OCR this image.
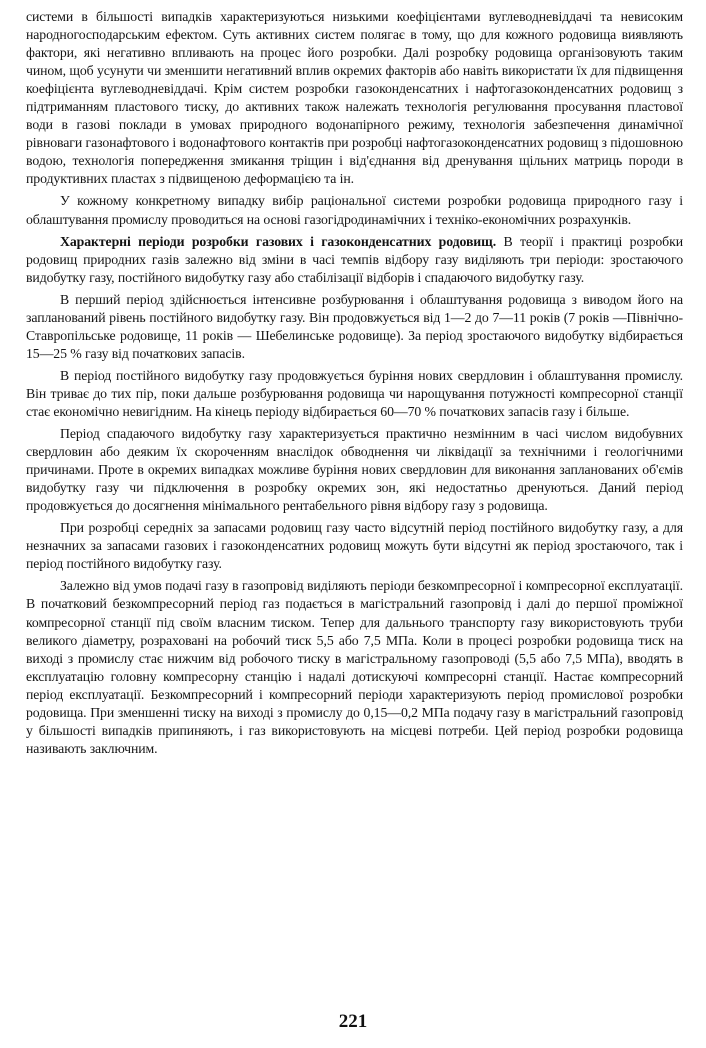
системи в більшості випадків характеризуються низькими коефіцієнтами вуглеводневіддачі та невисоким народногосподарським ефектом. Суть активних систем полягає в тому, що для кожного родовища виявляють фактори, які негативно впливають на процес його розробки. Далі розробку родовища організовують таким чином, щоб усунути чи зменшити негативний вплив окремих факторів або навіть використати їх для підвищення коефіцієнта вуглеводневіддачі. Крім систем розробки газоконденсатних і нафтогазоконденсатних родовищ з підтриманням пластового тиску, до активних також належать технологія регулювання просування пластової води в газові поклади в умовах природного водонапірного режиму, технологія забезпечення динамічної рівноваги газонафтового і водонафтового контактів при розробці нафтогазоконденсатних родовищ з підошовною водою, технологія попередження змикання тріщин і від'єднання від дренування щільних матриць породи в продуктивних пластах з підвищеною деформацією та ін.

У кожному конкретному випадку вибір раціональної системи розробки родовища природного газу і облаштування промислу проводиться на основі газогідродинамічних і техніко-економічних розрахунків.

Характерні періоди розробки газових і газоконденсатних родовищ. В теорії і практиці розробки родовищ природних газів залежно від зміни в часі темпів відбору газу виділяють три періоди: зростаючого видобутку газу, постійного видобутку газу або стабілізації відборів і спадаючого видобутку газу.

В перший період здійснюється інтенсивне розбурювання і облаштування родовища з виводом його на запланований рівень постійного видобутку газу. Він продовжується від 1—2 до 7—11 років (7 років —Північно-Ставропільське родовище, 11 років — Шебелинське родовище). За період зростаючого видобутку відбирається 15—25 % газу від початкових запасів.

В період постійного видобутку газу продовжується буріння нових свердловин і облаштування промислу. Він триває до тих пір, поки дальше розбурювання родовища чи нарощування потужності компресорної станції стає економічно невигідним. На кінець періоду відбирається 60—70 % початкових запасів газу і більше.

Період спадаючого видобутку газу характеризується практично незмінним в часі числом видобувних свердловин або деяким їх скороченням внаслідок обводнення чи ліквідації за технічними і геологічними причинами. Проте в окремих випадках можливе буріння нових свердловин для виконання запланованих об'ємів видобутку газу чи підключення в розробку окремих зон, які недостатньо дренуються. Даний період продовжується до досягнення мінімального рентабельного рівня відбору газу з родовища.

При розробці середніх за запасами родовищ газу часто відсутній період постійного видобутку газу, а для незначних за запасами газових і газоконденсатних родовищ можуть бути відсутні як період зростаючого, так і період постійного видобутку газу.

Залежно від умов подачі газу в газопровід виділяють періоди безкомпресорної і компресорної експлуатації. В початковий безкомпресорний період газ подається в магістральний газопровід і далі до першої проміжної компресорної станції під своїм власним тиском. Тепер для дальнього транспорту газу використовують труби великого діаметру, розраховані на робочий тиск 5,5 або 7,5 МПа. Коли в процесі розробки родовища тиск на виході з промислу стає нижчим від робочого тиску в магістральному газопроводі (5,5 або 7,5 МПа), вводять в експлуатацію головну компресорну станцію і надалі дотискуючі компресорні станції. Настає компресорний період експлуатації. Безкомпресорний і компресорний періоди характеризують період промислової розробки родовища. При зменшенні тиску на виході з промислу до 0,15—0,2 МПа подачу газу в магістральний газопровід у більшості випадків припиняють, і газ використовують на місцеві потреби. Цей період розробки родовища називають заключним.

221
